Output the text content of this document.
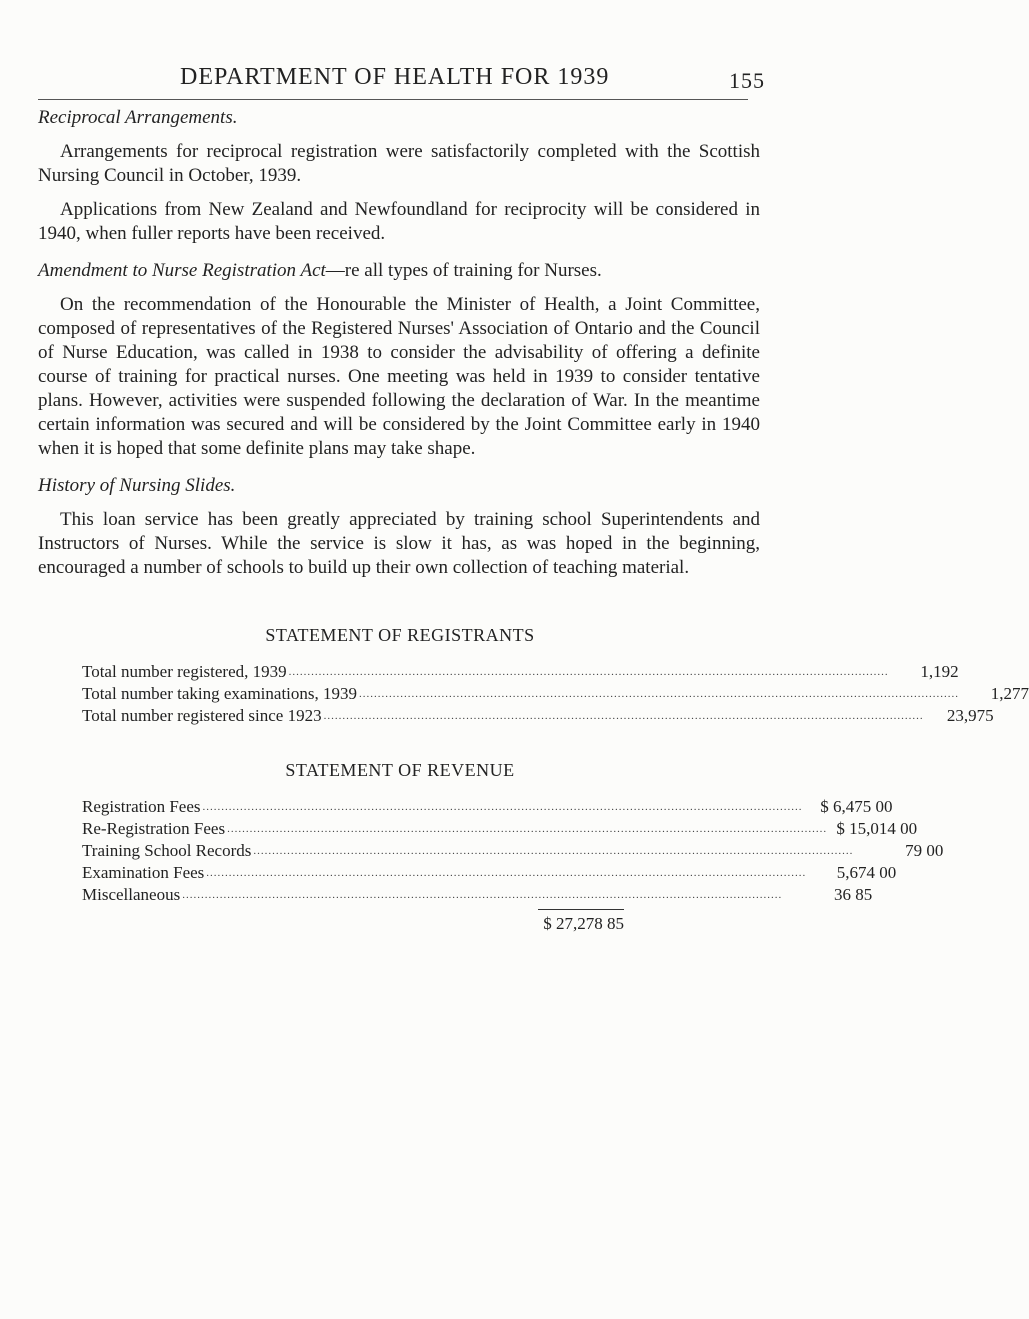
DEPARTMENT OF HEALTH FOR 1939	155

Reciprocal Arrangements.

Arrangements for reciprocal registration were satisfactorily completed with the Scottish Nursing Council in October, 1939.

Applications from New Zealand and Newfoundland for reciprocity will be considered in 1940, when fuller reports have been received.

Amendment to Nurse Registration Act—re all types of training for Nurses.

On the recommendation of the Honourable the Minister of Health, a Joint Committee, composed of representatives of the Registered Nurses' Association of Ontario and the Council of Nurse Education, was called in 1938 to consider the advisability of offering a definite course of training for practical nurses. One meeting was held in 1939 to consider tentative plans. However, activities were suspended following the declaration of War. In the meantime certain information was secured and will be considered by the Joint Committee early in 1940 when it is hoped that some definite plans may take shape.

History of Nursing Slides.

This loan service has been greatly appreciated by training school Superintendents and Instructors of Nurses. While the service is slow it has, as was hoped in the beginning, encouraged a number of schools to build up their own collection of teaching material.

STATEMENT OF REGISTRANTS
Total number registered, 1939 ................................................................................................................................................................	1,192
Total number taking examinations, 1939 ................................................................................................................................................................	1,277
Total number registered since 1923 ................................................................................................................................................................	23,975
STATEMENT OF REVENUE
Registration Fees ................................................................................................................................................................	$ 6,475 00
Re-Registration Fees ................................................................................................................................................................ $ 15,014 00
Training School Records ................................................................................................................................................................	79 00
Examination Fees ................................................................................................................................................................	5,674 00
Miscellaneous ................................................................................................................................................................	36 85
$ 27,278 85
